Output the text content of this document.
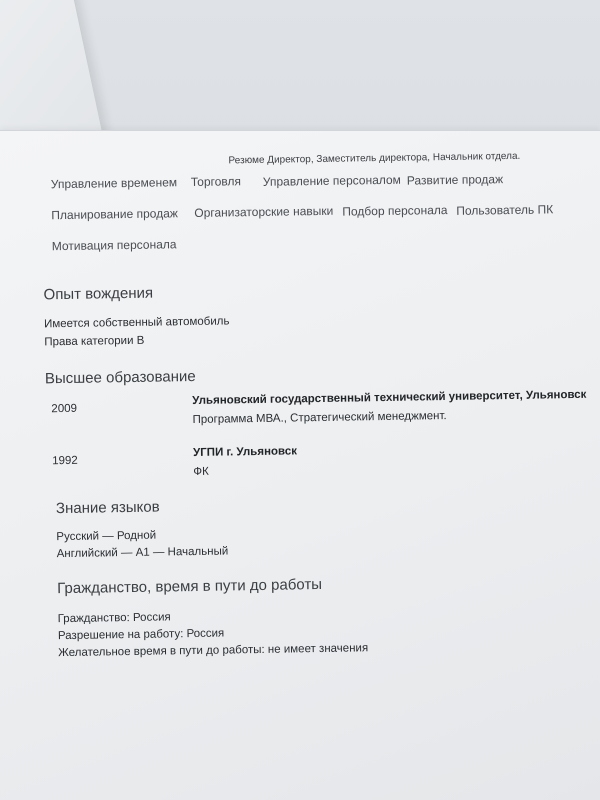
Резюме Директор, Заместитель директора, Начальник отдела.
Управление временем Торговля Управление персоналом Развитие продаж
Планирование продаж Организаторские навыки Подбор персонала Пользователь ПК
Мотивация персонала
Опыт вождения
Имеется собственный автомобиль
Права категории B
Высшее образование
2009
Ульяновский государственный технический университет, Ульяновск
Программа МВА., Стратегический менеджмент.
1992
УГПИ г. Ульяновск
ФК
Знание языков
Русский — Родной
Английский — A1 — Начальный
Гражданство, время в пути до работы
Гражданство: Россия
Разрешение на работу: Россия
Желательное время в пути до работы: не имеет значения
